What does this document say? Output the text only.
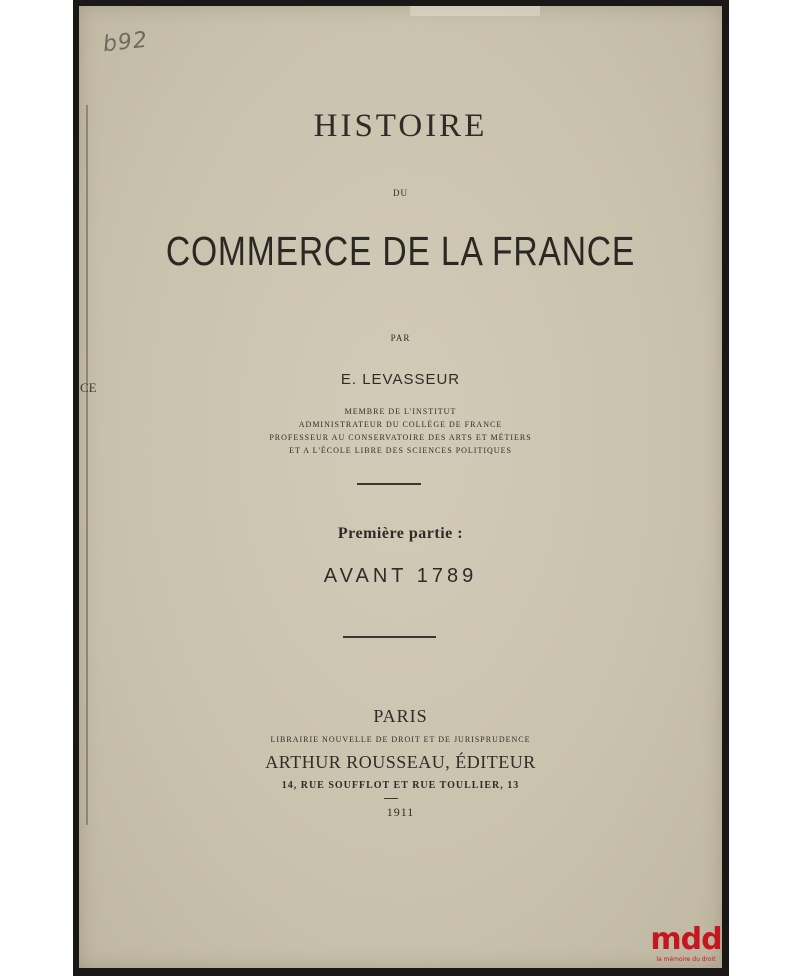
CE
b92
HISTOIRE
DU
COMMERCE DE LA FRANCE
PAR
E. LEVASSEUR
MEMBRE DE L'INSTITUT
ADMINISTRATEUR DU COLLÈGE DE FRANCE
PROFESSEUR AU CONSERVATOIRE DES ARTS ET MÉTIERS
ET A L'ÉCOLE LIBRE DES SCIENCES POLITIQUES
Première partie :
AVANT 1789
PARIS
LIBRAIRIE NOUVELLE DE DROIT ET DE JURISPRUDENCE
ARTHUR ROUSSEAU, ÉDITEUR
14, RUE SOUFFLOT ET RUE TOULLIER, 13
1911
mdd
la mémoire du droit
